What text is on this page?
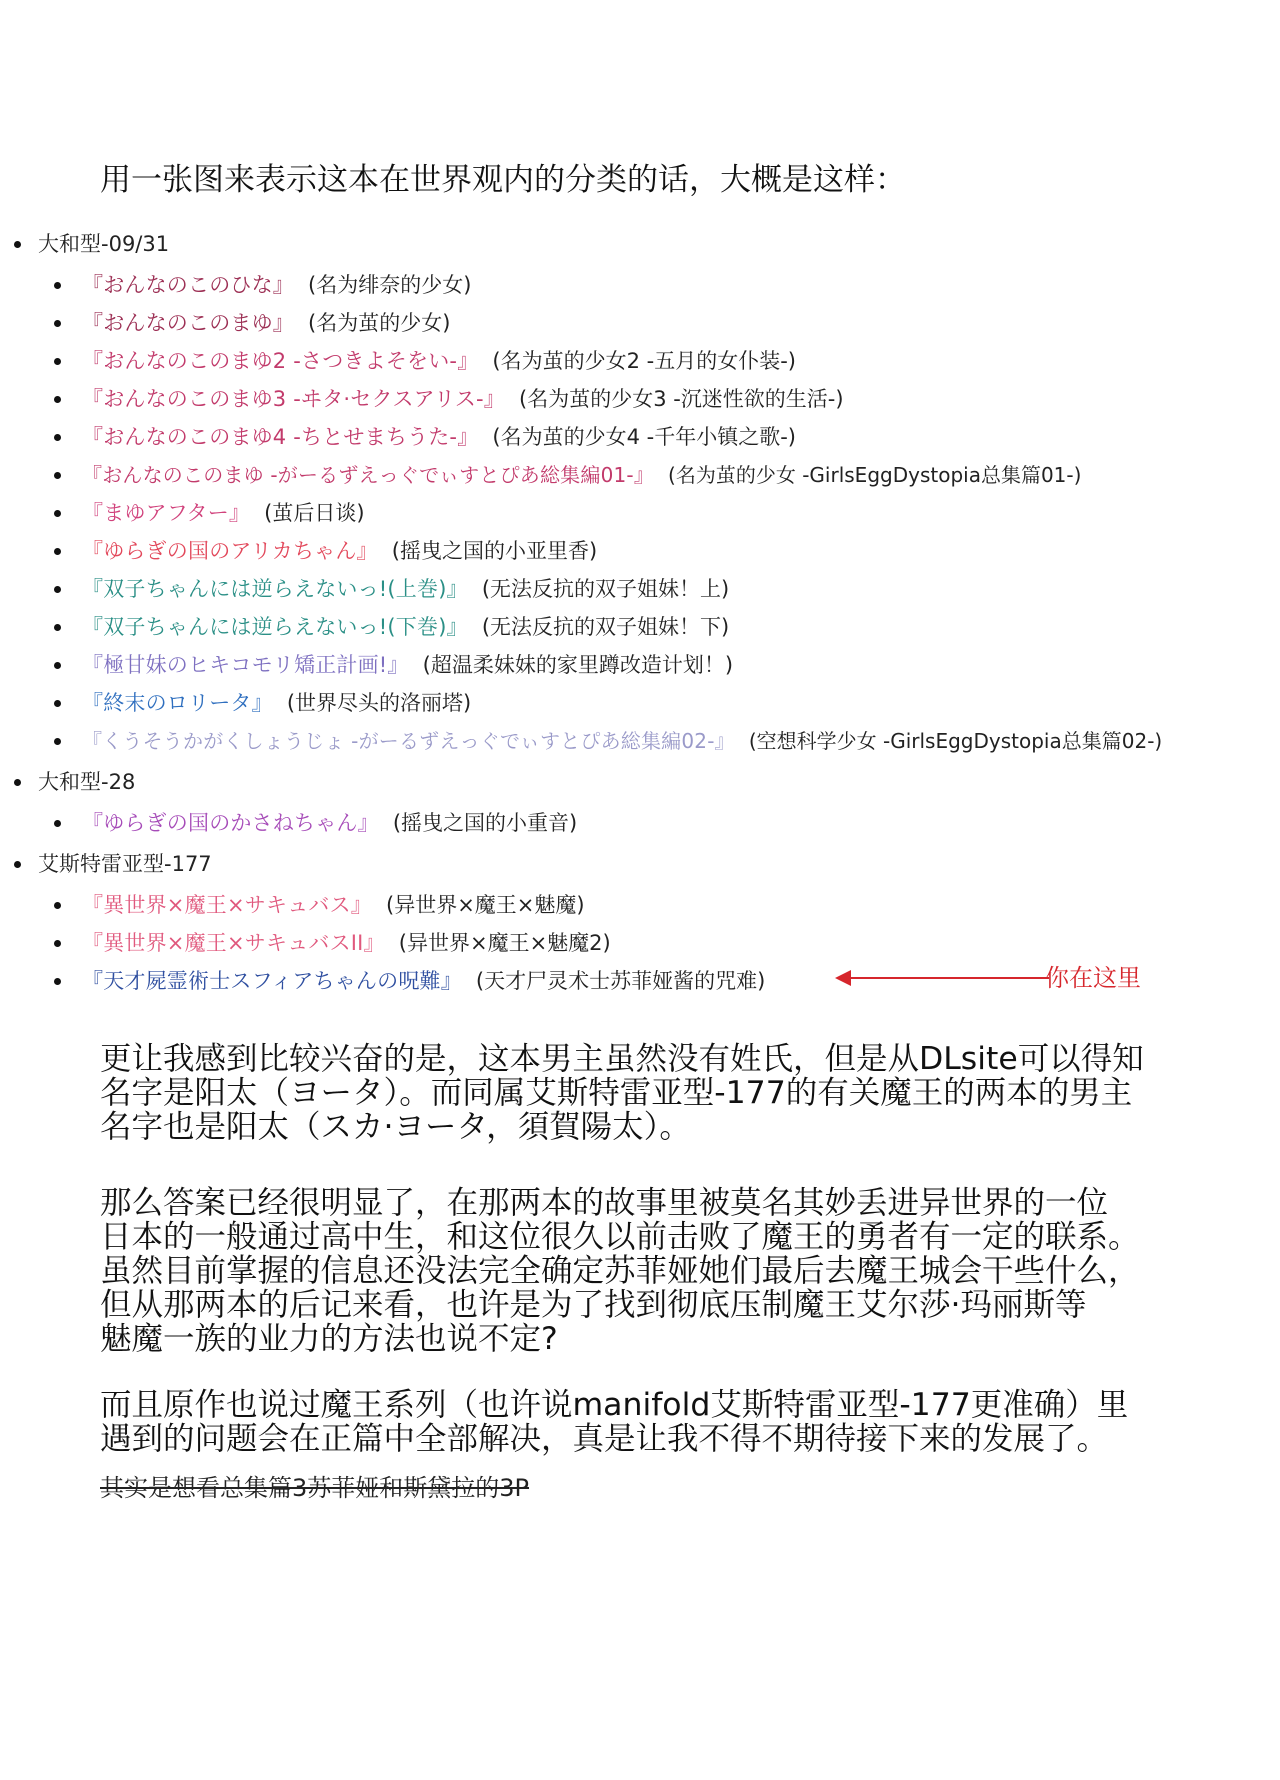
用一张图来表示这本在世界观内的分类的话，大概是这样：
大和型-09/31
『おんなのこのひな』 (名为绯奈的少女)
『おんなのこのまゆ』 (名为茧的少女)
『おんなのこのまゆ2 -さつきよそをい-』 (名为茧的少女2 -五月的女仆装-)
『おんなのこのまゆ3 -ヰタ·セクスアリス-』 (名为茧的少女3 -沉迷性欲的生活-)
『おんなのこのまゆ4 -ちとせまちうた-』 (名为茧的少女4 -千年小镇之歌-)
『おんなのこのまゆ -がーるずえっぐでぃすとぴあ総集編01-』 (名为茧的少女 -GirlsEggDystopia总集篇01-)
『まゆアフター』 (茧后日谈)
『ゆらぎの国のアリカちゃん』 (摇曳之国的小亚里香)
『双子ちゃんには逆らえないっ!(上巻)』 (无法反抗的双子姐妹！上)
『双子ちゃんには逆らえないっ!(下巻)』 (无法反抗的双子姐妹！下)
『極甘妹のヒキコモリ矯正計画!』 (超温柔妹妹的家里蹲改造计划！)
『終末のロリータ』 (世界尽头的洛丽塔)
『くうそうかがくしょうじょ -がーるずえっぐでぃすとぴあ総集編02-』 (空想科学少女 -GirlsEggDystopia总集篇02-)
大和型-28
『ゆらぎの国のかさねちゃん』 (摇曳之国的小重音)
艾斯特雷亚型-177
『異世界×魔王×サキュバス』 (异世界×魔王×魅魔)
『異世界×魔王×サキュバスII』 (异世界×魔王×魅魔2)
『天才屍霊術士スフィアちゃんの呪難』 (天才尸灵术士苏菲娅酱的咒难)	你在这里

更让我感到比较兴奋的是，这本男主虽然没有姓氏，但是从DLsite可以得知

名字是阳太（ヨータ）。而同属艾斯特雷亚型-177的有关魔王的两本的男主

名字也是阳太（スカ·ヨータ，須賀陽太）。

那么答案已经很明显了，在那两本的故事里被莫名其妙丢进异世界的一位

日本的一般通过高中生，和这位很久以前击败了魔王的勇者有一定的联系。

虽然目前掌握的信息还没法完全确定苏菲娅她们最后去魔王城会干些什么，

但从那两本的后记来看，也许是为了找到彻底压制魔王艾尔莎·玛丽斯等

魅魔一族的业力的方法也说不定?

而且原作也说过魔王系列（也许说manifold艾斯特雷亚型-177更准确）里

遇到的问题会在正篇中全部解决，真是让我不得不期待接下来的发展了。

其实是想看总集篇3苏菲娅和斯黛拉的3P
